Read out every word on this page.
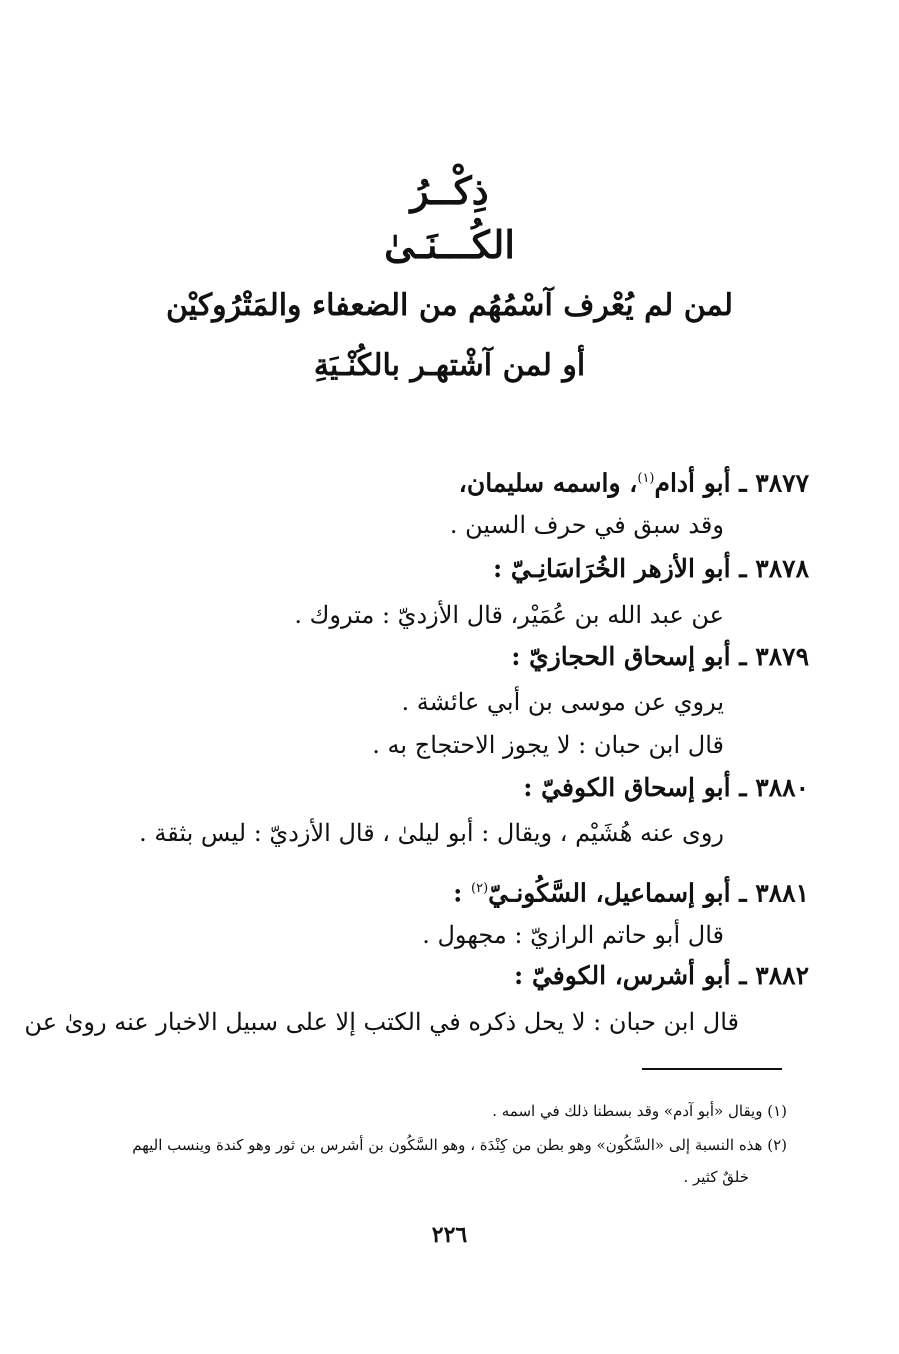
ذِكْــرُ
الكُـــنَـىٰ
لمن لم يُعْرف آسْمُهُم من الضعفاء والمَتْرُوكيْن
أو لمن آشْتهـر بالكُنْـيَةِ
٣٨٧٧ ـ أبو أدام$^{(١)}$، واسمه سليمان،
وقد سبق في حرف السين .
٣٨٧٨ ـ أبو الأزهر الخُرَاسَانِـيّ :
عن عبد الله بن عُمَيْر، قال الأزديّ : متروك .
٣٨٧٩ ـ أبو إسحاق الحجازيّ :
يروي عن موسى بن أبي عائشة .
قال ابن حبان : لا يجوز الاحتجاج به .
٣٨٨٠ ـ أبو إسحاق الكوفيّ :
روى عنه هُشَيْم ، ويقال : أبو ليلىٰ ، قال الأزديّ : ليس بثقة .
٣٨٨١ ـ أبو إسماعيل، السَّكُونـيّ$^{(٢)}$ :
قال أبو حاتم الرازيّ : مجهول .
٣٨٨٢ ـ أبو أشرس، الكوفيّ :
قال ابن حبان : لا يحل ذكره في الكتب إلا على سبيل الاخبار عنه روىٰ عن
(١) ويقال «أبو آدم» وقد بسطنا ذلك في اسمه .
(٢) هذه النسبة إلى «السَّكُون» وهو بطن من كِنْدَة ، وهو السَّكُون بن أشرس بن ثور وهو كندة وينسب اليهم
خلقٌ كثير .
٢٢٦
